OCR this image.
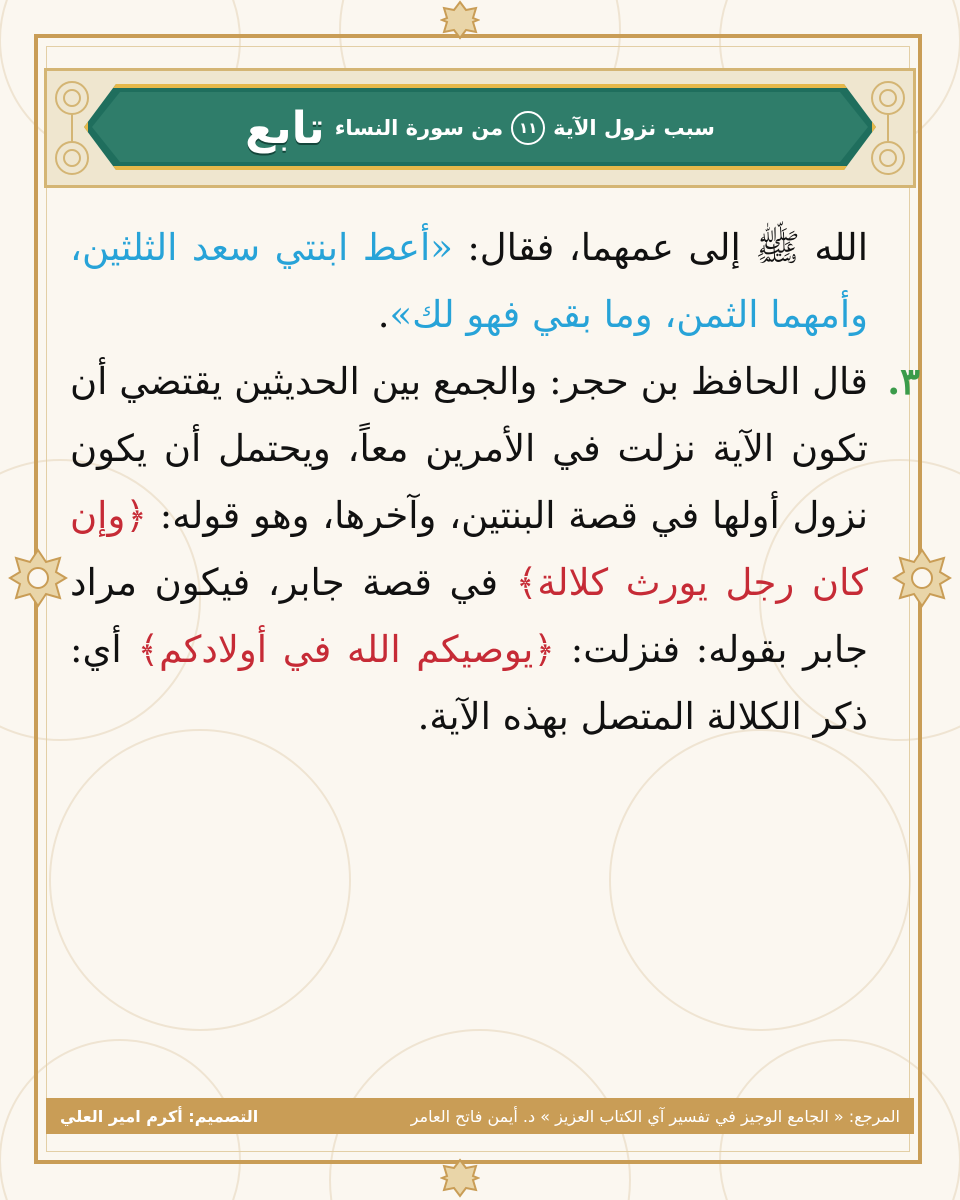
تابع	سبب نزول الآية
١١
من سورة النساء

الله ﷺ إلى عمهما، فقال: «أعط ابنتي سعد الثلثين، وأمهما الثمن، وما بقي فهو لك».

٣.
قال الحافظ بن حجر: والجمع بين الحديثين يقتضي أن تكون الآية نزلت في الأمرين معاً، ويحتمل أن يكون نزول أولها في قصة البنتين، وآخرها، وهو قوله: ﴿وإن كان رجل يورث كلالة﴾ في قصة جابر، فيكون مراد جابر بقوله: فنزلت: ﴿يوصيكم الله في أولادكم﴾ أي: ذكر الكلالة المتصل بهذه الآية.

المرجع: « الجامع الوجيز في تفسير آي الكتاب العزيز » د. أيمن فاتح العامر
التصميم: أكرم امير العلي
